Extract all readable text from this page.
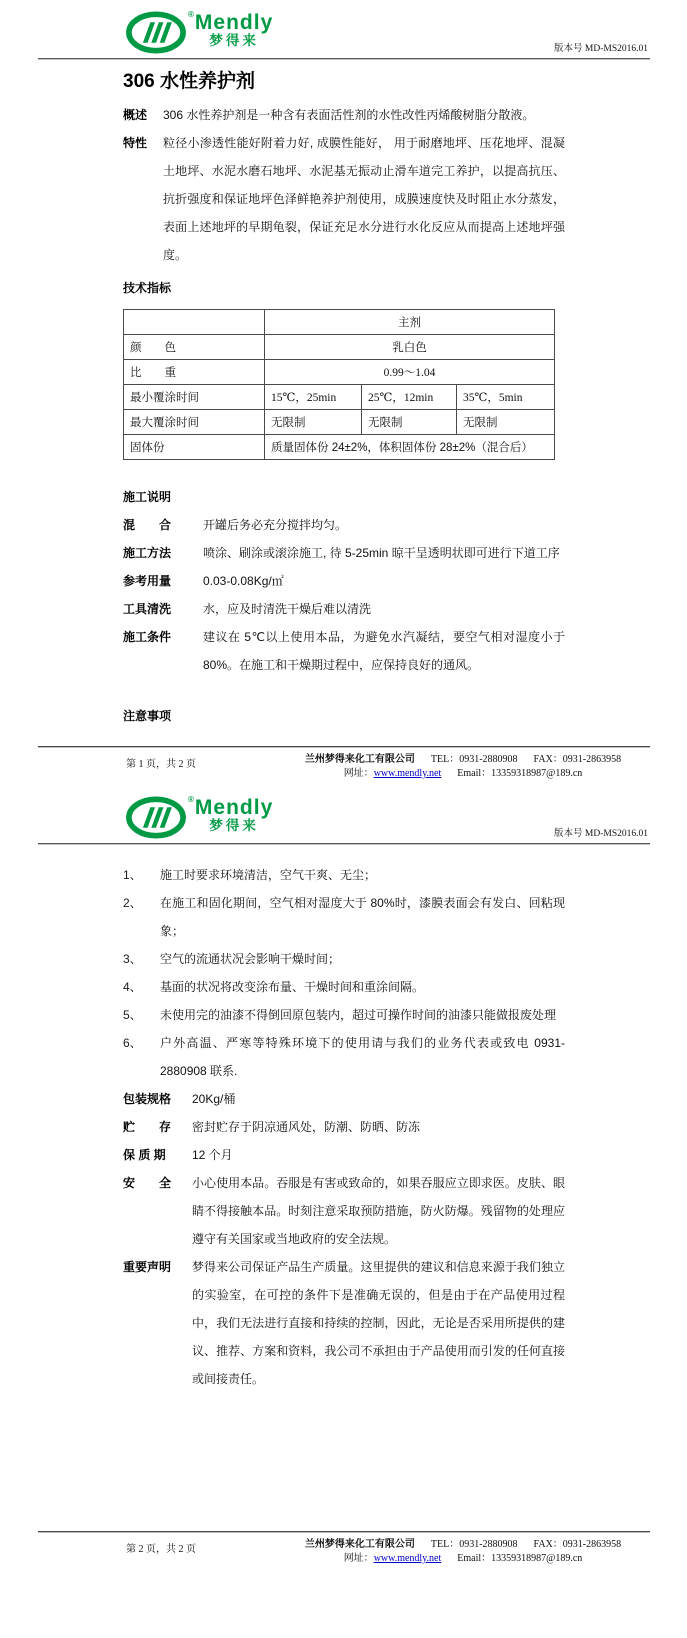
® Mendly
梦得来
版本号 MD-MS2016.01
306 水性养护剂
概述	306 水性养护剂是一种含有表面活性剂的水性改性丙烯酸树脂分散液。
特性	粒径小渗透性能好附着力好, 成膜性能好， 用于耐磨地坪、压花地坪、混凝土地坪、水泥水磨石地坪、水泥基无振动止滑车道完工养护，以提高抗压、抗折强度和保证地坪色泽鲜艳养护剂使用，成膜速度快及时阻止水分蒸发，表面上述地坪的早期龟裂，保证充足水分进行水化反应从而提高上述地坪强度。
技术指标
	主剂		
颜　　色	乳白色		
比　　重	0.99～1.04		
最小覆涂时间	15℃，25min	25℃，12min	35℃，5min
最大覆涂时间	无限制	无限制	无限制
固体份	质量固体份 24±2%，体积固体份 28±2%（混合后）		
施工说明
混　　合	开罐后务必充分搅拌均匀。
施工方法	喷涂、刷涂或滚涂施工, 待 5-25min 晾干呈透明状即可进行下道工序
参考用量	0.03-0.08Kg/㎡
工具清洗	水，应及时清洗干燥后难以清洗
施工条件	建议在 5℃以上使用本品，为避免水汽凝结，要空气相对湿度小于 80%。在施工和干燥期过程中，应保持良好的通风。
注意事项
第 1 页，共 2 页	兰州梦得来化工有限公司 TEL：0931-2880908 FAX：0931-2863958
网址：www.mendly.net Email：13359318987@189.cn
® Mendly
梦得来
版本号 MD-MS2016.01
1、	施工时要求环境清洁，空气干爽、无尘；
2、	在施工和固化期间，空气相对湿度大于 80%时，漆膜表面会有发白、回粘现象；
3、	空气的流通状况会影响干燥时间；
4、	基面的状况将改变涂布量、干燥时间和重涂间隔。
5、	未使用完的油漆不得倒回原包装内，超过可操作时间的油漆只能做报废处理
6、	户外高温、严寒等特殊环境下的使用请与我们的业务代表或致电 0931-2880908 联系.
包装规格	20Kg/桶
贮　　存	密封贮存于阴凉通风处，防潮、防晒、防冻
保 质 期	12 个月
安　　全	小心使用本品。吞服是有害或致命的，如果吞服应立即求医。皮肤、眼睛不得接触本品。时刻注意采取预防措施，防火防爆。残留物的处理应遵守有关国家或当地政府的安全法规。
重要声明	梦得来公司保证产品生产质量。这里提供的建议和信息来源于我们独立的实验室，在可控的条件下是准确无误的，但是由于在产品使用过程中，我们无法进行直接和持续的控制，因此，无论是否采用所提供的建议、推荐、方案和资料，我公司不承担由于产品使用而引发的任何直接或间接责任。
第 2 页，共 2 页	兰州梦得来化工有限公司 TEL：0931-2880908 FAX：0931-2863958
网址：www.mendly.net Email：13359318987@189.cn
